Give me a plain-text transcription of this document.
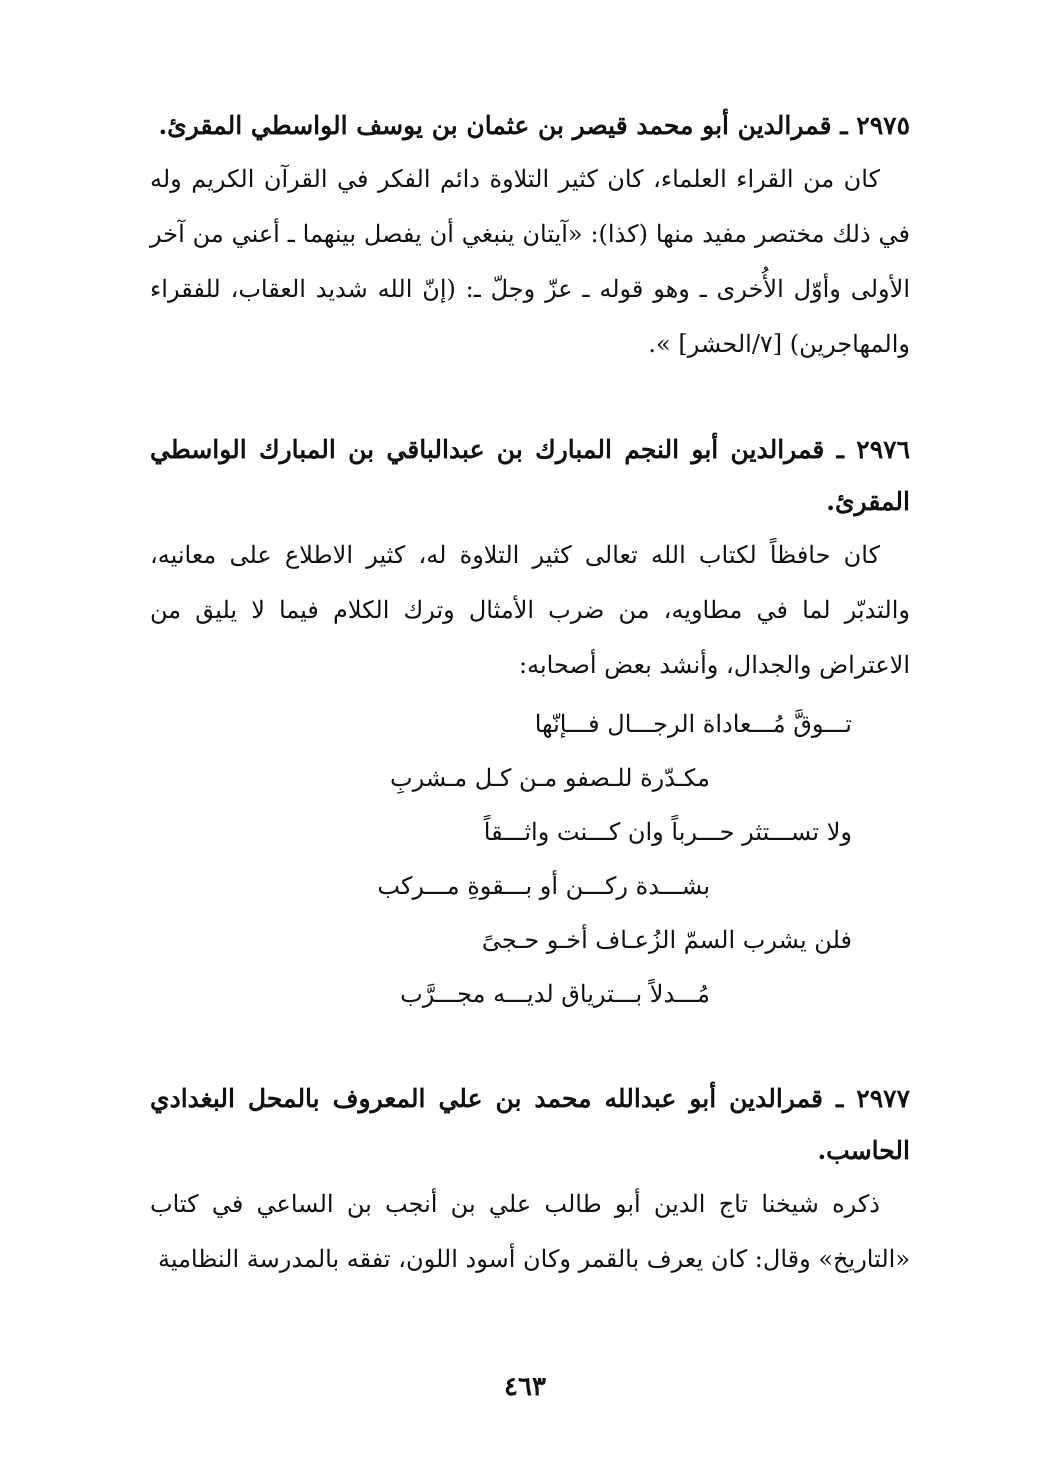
٢٩٧٥ ـ قمرالدين أبو محمد قيصر بن عثمان بن يوسف الواسطي المقرئ.

كان من القراء العلماء، كان كثير التلاوة دائم الفكر في القرآن الكريم وله في ذلك مختصر مفيد منها (كذا): «آيتان ينبغي أن يفصل بينهما ـ أعني من آخر الأولى وأوّل الأُخرى ـ وهو قوله ـ عزّ وجلّ ـ: (إنّ الله شديد العقاب، للفقراء والمهاجرين) [٧/الحشر] ».

٢٩٧٦ ـ قمرالدين أبو النجم المبارك بن عبدالباقي بن المبارك الواسطي المقرئ.

كان حافظاً لكتاب الله تعالى كثير التلاوة له، كثير الاطلاع على معانيه، والتدبّر لما في مطاويه، من ضرب الأمثال وترك الكلام فيما لا يليق من الاعتراض والجدال، وأنشد بعض أصحابه:

تـــوقَّ مُـــعاداة الرجـــال فـــإنّها
مكـدّرة للـصفو مـن كـل مـشربِ
ولا تســـتثر حـــرباً وان كـــنت واثـــقاً
بشـــدة ركـــن أو بـــقوةِ مـــركب
فلن يشرب السمّ الزُعـاف أخـو حـجىً
مُـــدلاً بـــترياق لديـــه مجـــرَّب

٢٩٧٧ ـ قمرالدين أبو عبدالله محمد بن علي المعروف بالمحل البغدادي الحاسب.

ذكره شيخنا تاج الدين أبو طالب علي بن أنجب بن الساعي في كتاب «التاريخ» وقال: كان يعرف بالقمر وكان أسود اللون، تفقه بالمدرسة النظامية

٤٦٣
